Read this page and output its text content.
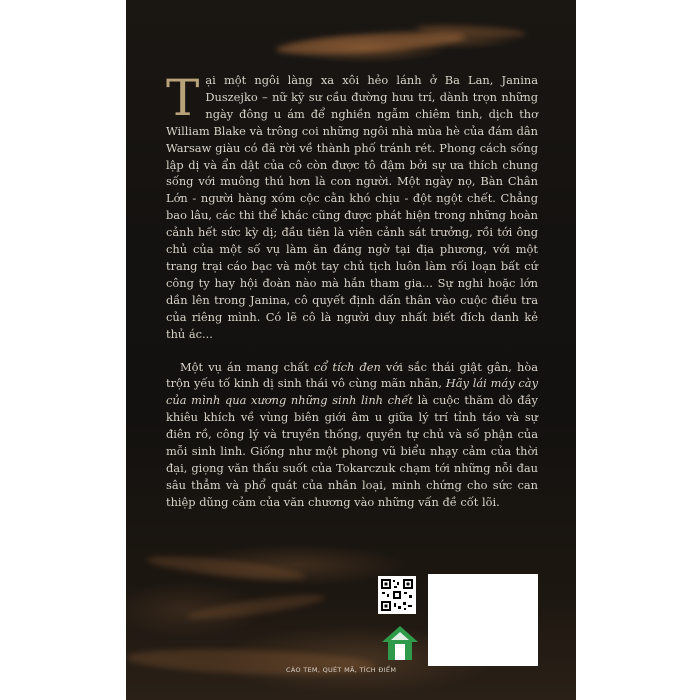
Tại một ngôi làng xa xôi hẻo lánh ở Ba Lan, Janina Duszejko – nữ kỹ sư cầu đường hưu trí, dành trọn những ngày đông u ám để nghiền ngẫm chiêm tinh, dịch thơ William Blake và trông coi những ngôi nhà mùa hè của đám dân Warsaw giàu có đã rời về thành phố tránh rét. Phong cách sống lập dị và ẩn dật của cô còn được tô đậm bởi sự ưa thích chung sống với muông thú hơn là con người. Một ngày nọ, Bàn Chân Lớn - người hàng xóm cộc cằn khó chịu - đột ngột chết. Chẳng bao lâu, các thi thể khác cũng được phát hiện trong những hoàn cảnh hết sức kỳ dị; đầu tiên là viên cảnh sát trưởng, rồi tới ông chủ của một số vụ làm ăn đáng ngờ tại địa phương, với một trang trại cáo bạc và một tay chủ tịch luôn làm rối loạn bất cứ công ty hay hội đoàn nào mà hắn tham gia... Sự nghi hoặc lớn dần lên trong Janina, cô quyết định dấn thân vào cuộc điều tra của riêng mình. Có lẽ cô là người duy nhất biết đích danh kẻ thủ ác...

Một vụ án mang chất cổ tích đen với sắc thái giật gân, hòa trộn yếu tố kinh dị sinh thái vô cùng mãn nhãn, Hãy lái máy cày của mình qua xương những sinh linh chết là cuộc thăm dò đầy khiêu khích về vùng biên giới âm u giữa lý trí tỉnh táo và sự điên rồ, công lý và truyền thống, quyền tự chủ và số phận của mỗi sinh linh. Giống như một phong vũ biểu nhạy cảm của thời đại, giọng văn thấu suốt của Tokarczuk chạm tới những nỗi đau sâu thẳm và phổ quát của nhân loại, minh chứng cho sức can thiệp dũng cảm của văn chương vào những vấn đề cốt lõi.

CÀO TEM, QUÉT MÃ, TÍCH ĐIỂM
